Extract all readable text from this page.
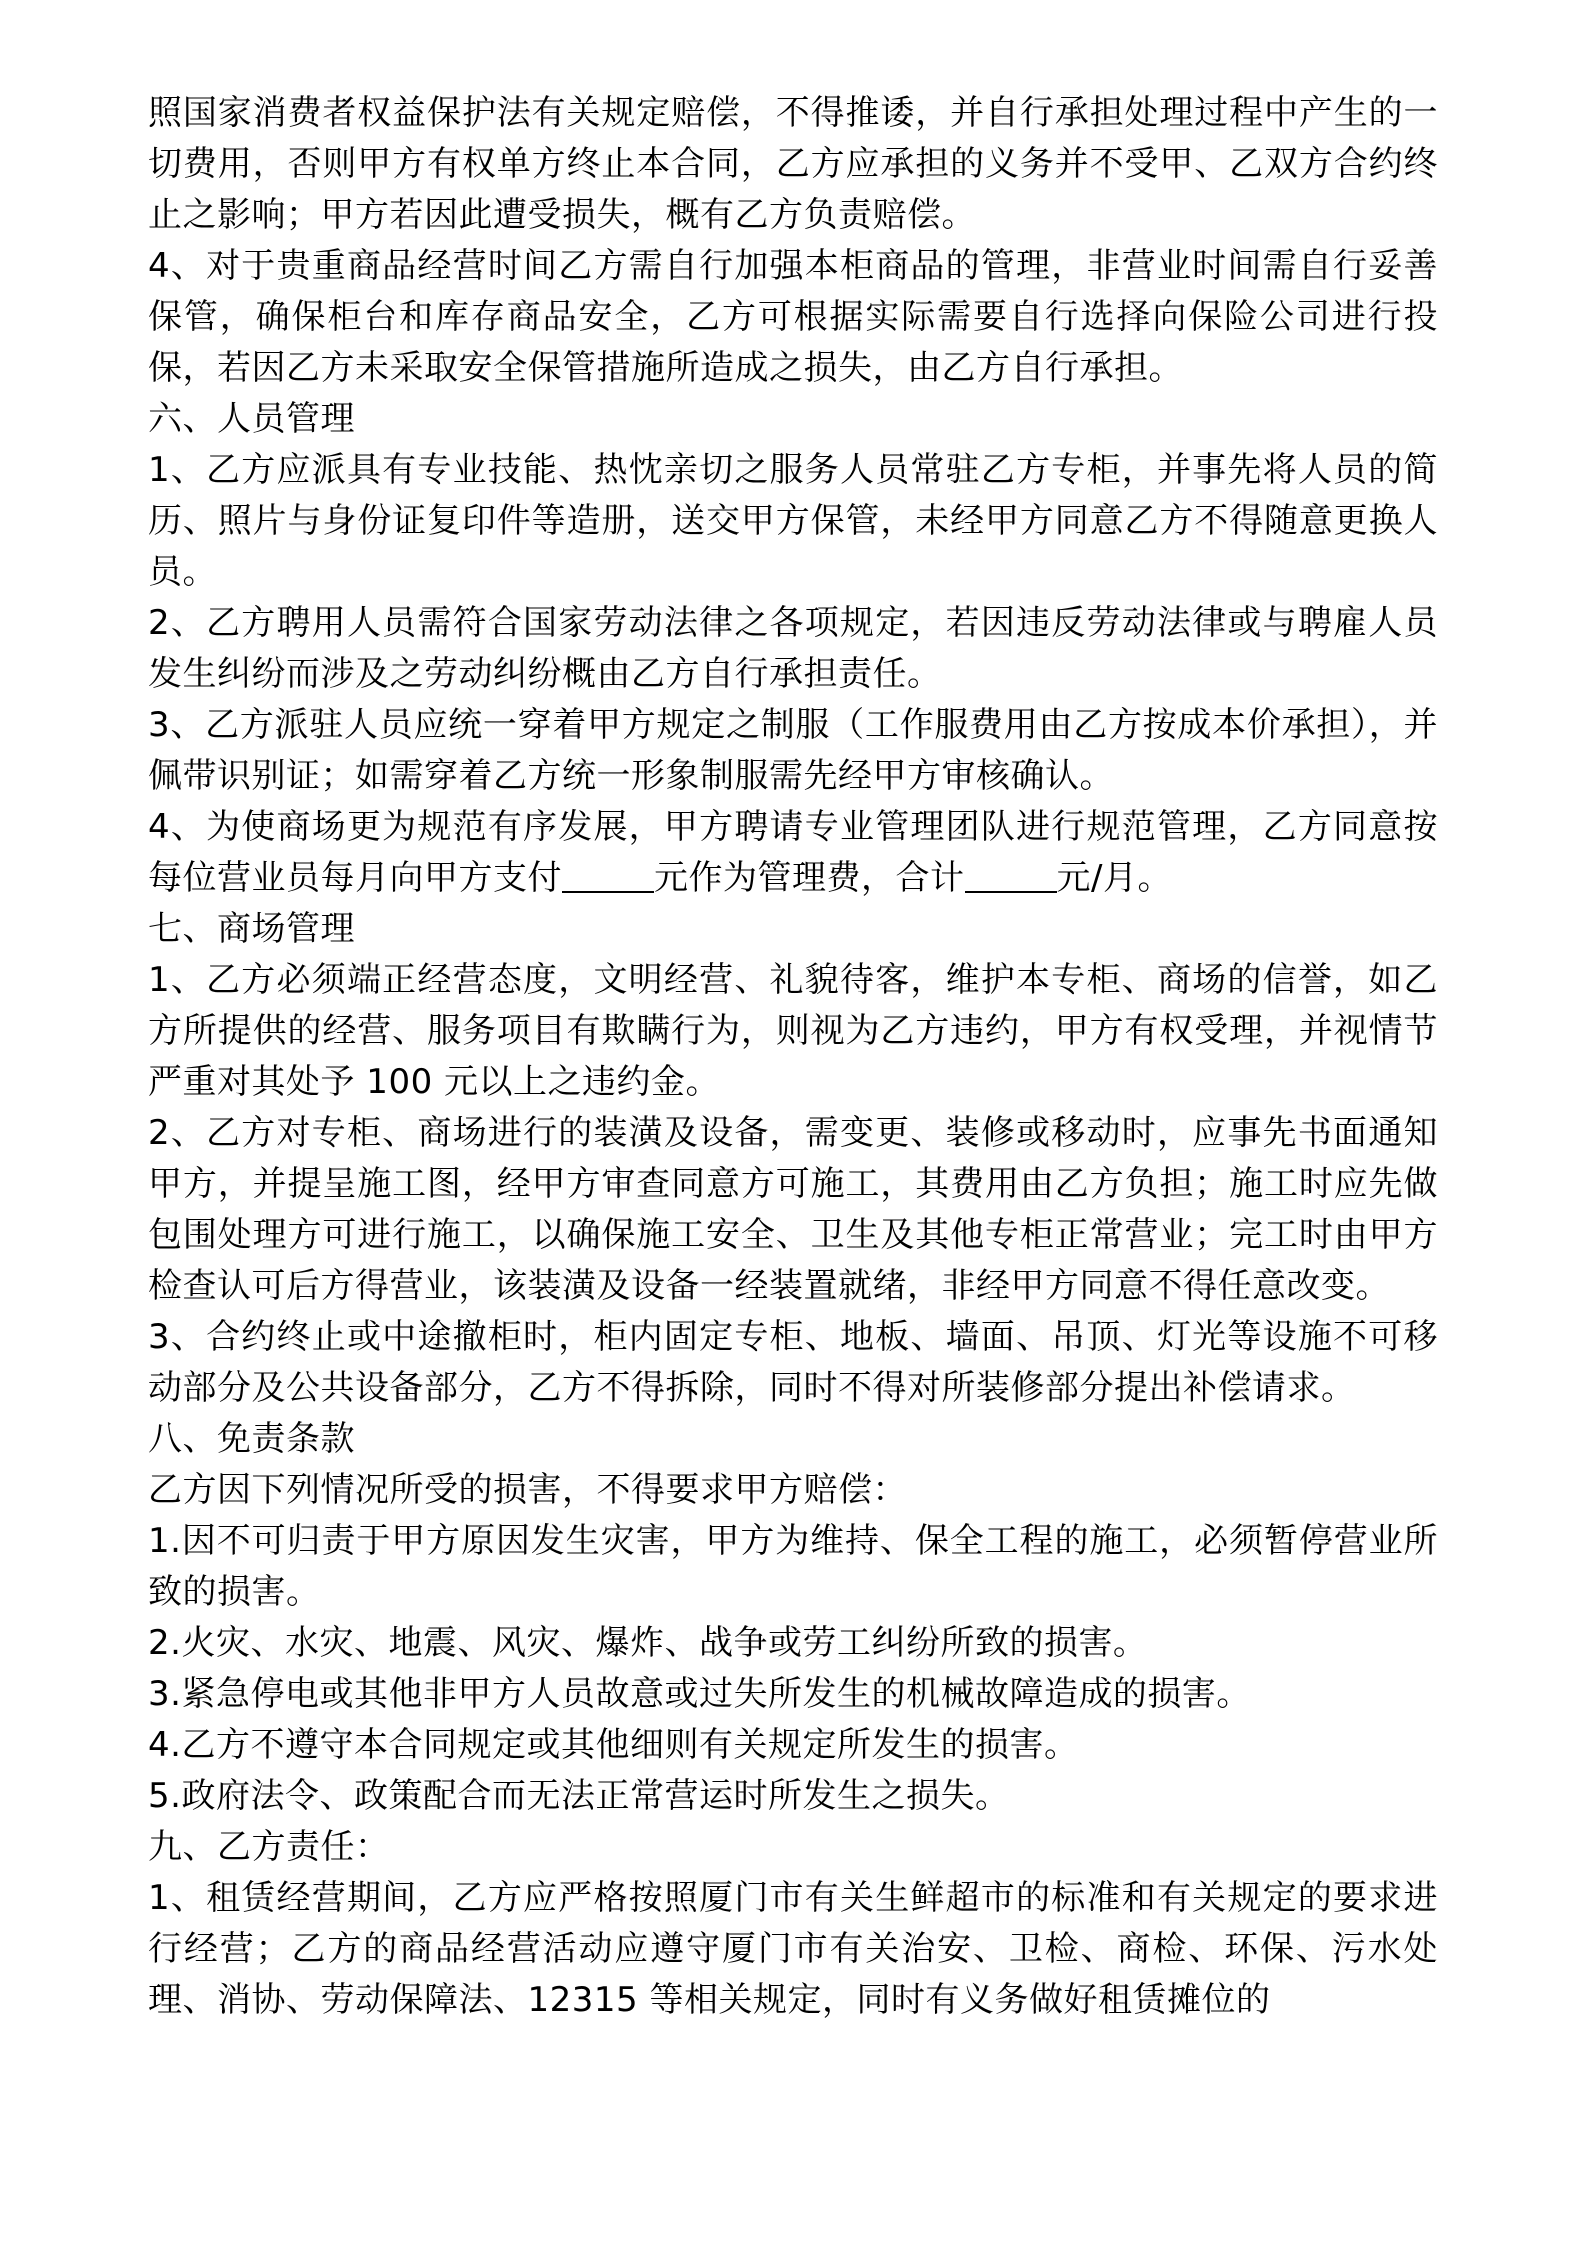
照国家消费者权益保护法有关规定赔偿，不得推诿，并自行承担处理过程中产生的一切费用，否则甲方有权单方终止本合同，乙方应承担的义务并不受甲、乙双方合约终止之影响；甲方若因此遭受损失，概有乙方负责赔偿。

4、对于贵重商品经营时间乙方需自行加强本柜商品的管理，非营业时间需自行妥善保管，确保柜台和库存商品安全，乙方可根据实际需要自行选择向保险公司进行投保，若因乙方未采取安全保管措施所造成之损失，由乙方自行承担。

六、人员管理

1、乙方应派具有专业技能、热忱亲切之服务人员常驻乙方专柜，并事先将人员的简历、照片与身份证复印件等造册，送交甲方保管，未经甲方同意乙方不得随意更换人员。

2、乙方聘用人员需符合国家劳动法律之各项规定，若因违反劳动法律或与聘雇人员发生纠纷而涉及之劳动纠纷概由乙方自行承担责任。

3、乙方派驻人员应统一穿着甲方规定之制服（工作服费用由乙方按成本价承担），并佩带识别证；如需穿着乙方统一形象制服需先经甲方审核确认。

4、为使商场更为规范有序发展，甲方聘请专业管理团队进行规范管理，乙方同意按每位营业员每月向甲方支付	元作为管理费，合计	元/月。

七、商场管理

1、乙方必须端正经营态度，文明经营、礼貌待客，维护本专柜、商场的信誉，如乙方所提供的经营、服务项目有欺瞒行为，则视为乙方违约，甲方有权受理，并视情节严重对其处予 100 元以上之违约金。

2、乙方对专柜、商场进行的装潢及设备，需变更、装修或移动时，应事先书面通知甲方，并提呈施工图，经甲方审查同意方可施工，其费用由乙方负担；施工时应先做包围处理方可进行施工，以确保施工安全、卫生及其他专柜正常营业；完工时由甲方检查认可后方得营业，该装潢及设备一经装置就绪，非经甲方同意不得任意改变。

3、合约终止或中途撤柜时，柜内固定专柜、地板、墙面、吊顶、灯光等设施不可移动部分及公共设备部分，乙方不得拆除，同时不得对所装修部分提出补偿请求。

八、免责条款

乙方因下列情况所受的损害，不得要求甲方赔偿：

1.因不可归责于甲方原因发生灾害，甲方为维持、保全工程的施工，必须暂停营业所致的损害。

2.火灾、水灾、地震、风灾、爆炸、战争或劳工纠纷所致的损害。

3.紧急停电或其他非甲方人员故意或过失所发生的机械故障造成的损害。

4.乙方不遵守本合同规定或其他细则有关规定所发生的损害。

5.政府法令、政策配合而无法正常营运时所发生之损失。

九、乙方责任：

1、租赁经营期间，乙方应严格按照厦门市有关生鲜超市的标准和有关规定的要求进行经营；乙方的商品经营活动应遵守厦门市有关治安、卫检、商检、环保、污水处理、消协、劳动保障法、12315 等相关规定，同时有义务做好租赁摊位的
